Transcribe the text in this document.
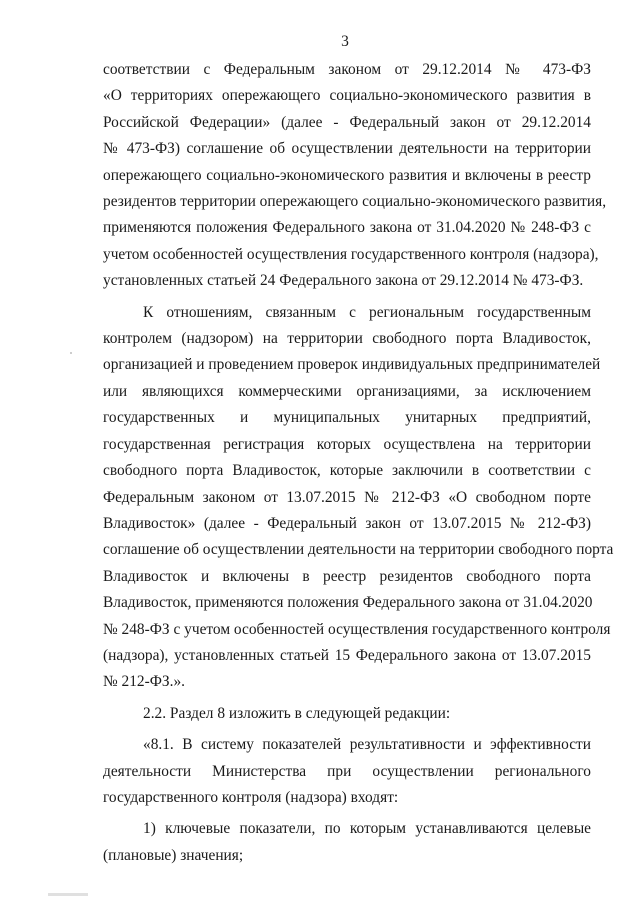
3
соответствии с Федеральным законом от 29.12.2014 № 473-ФЗ
«О территориях опережающего социально-экономического развития в
Российской Федерации» (далее - Федеральный закон от 29.12.2014
№ 473-ФЗ) соглашение об осуществлении деятельности на территории
опережающего социально-экономического развития и включены в реестр
резидентов территории опережающего социально-экономического развития,
применяются положения Федерального закона от 31.04.2020 № 248-ФЗ с
учетом особенностей осуществления государственного контроля (надзора),
установленных статьей 24 Федерального закона от 29.12.2014 № 473-ФЗ.
К отношениям, связанным с региональным государственным
контролем (надзором) на территории свободного порта Владивосток,
организацией и проведением проверок индивидуальных предпринимателей
или являющихся коммерческими организациями, за исключением
государственных и муниципальных унитарных предприятий,
государственная регистрация которых осуществлена на территории
свободного порта Владивосток, которые заключили в соответствии с
Федеральным законом от 13.07.2015 № 212-ФЗ «О свободном порте
Владивосток» (далее - Федеральный закон от 13.07.2015 № 212-ФЗ)
соглашение об осуществлении деятельности на территории свободного порта
Владивосток и включены в реестр резидентов свободного порта
Владивосток, применяются положения Федерального закона от 31.04.2020
№ 248-ФЗ с учетом особенностей осуществления государственного контроля
(надзора), установленных статьей 15 Федерального закона от 13.07.2015
№ 212-ФЗ.».
2.2. Раздел 8 изложить в следующей редакции:
«8.1. В систему показателей результативности и эффективности
деятельности Министерства при осуществлении регионального
государственного контроля (надзора) входят:
1) ключевые показатели, по которым устанавливаются целевые
(плановые) значения;
